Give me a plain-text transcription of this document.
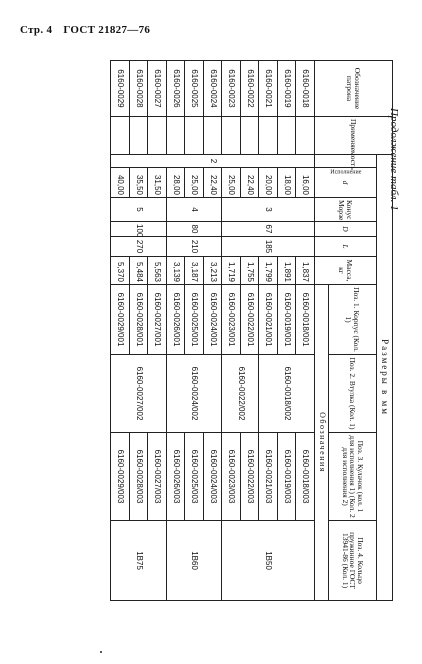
Стр. 4 ГОСТ 21827—76
Продолжение табл. 1
Обозначение патрона	Применяемость	Размеры в мм									
		Исполнение	d	Конус Морзе	D	L	Масса, кг	Поз. 1. Корпус (Кол. 1)	Поз. 2. Втулка (Кол. 1)	Поз. 3. Кулачок (кол. 1 для исполнения 1) (Кол. 2 для исполнения 2)	Поз. 4. Кольцо пружинное ГОСТ 13941-86 (Кол. 1)
								Обозначения			
6160-0018		2	16,00	3	67	185	1,837	6160-0018/001	6160-0018/002	6160-0018/003	1B50
6160-0019			18,00				1,891	6160-0019/001		6160-0019/003	
6160-0021			20,00				1,799	6160-0021/001		6160-0021/003	
6160-0022			22,40				1,755	6160-0022/001	6160-0022/002	6160-0022/003	
6160-0023			25,00				1,719	6160-0023/001		6160-0023/003	
6160-0024			22,40	4	80	210	3,213	6160-0024/001	6160-0024/002	6160-0024/003	1B60
6160-0025			25,00				3,187	6160-0025/001		6160-0025/003	
6160-0026			28,00				3,139	6160-0026/001		6160-0026/003	
6160-0027			31,50	5	100	270	5,563	6160-0027/001	6160-0027/002	6160-0027/003	1B75
6160-0028			35,50				5,484	6160-0028/001		6160-0028/003	
6160-0029			40,00				5,370	6160-0029/001		6160-0029/003	
